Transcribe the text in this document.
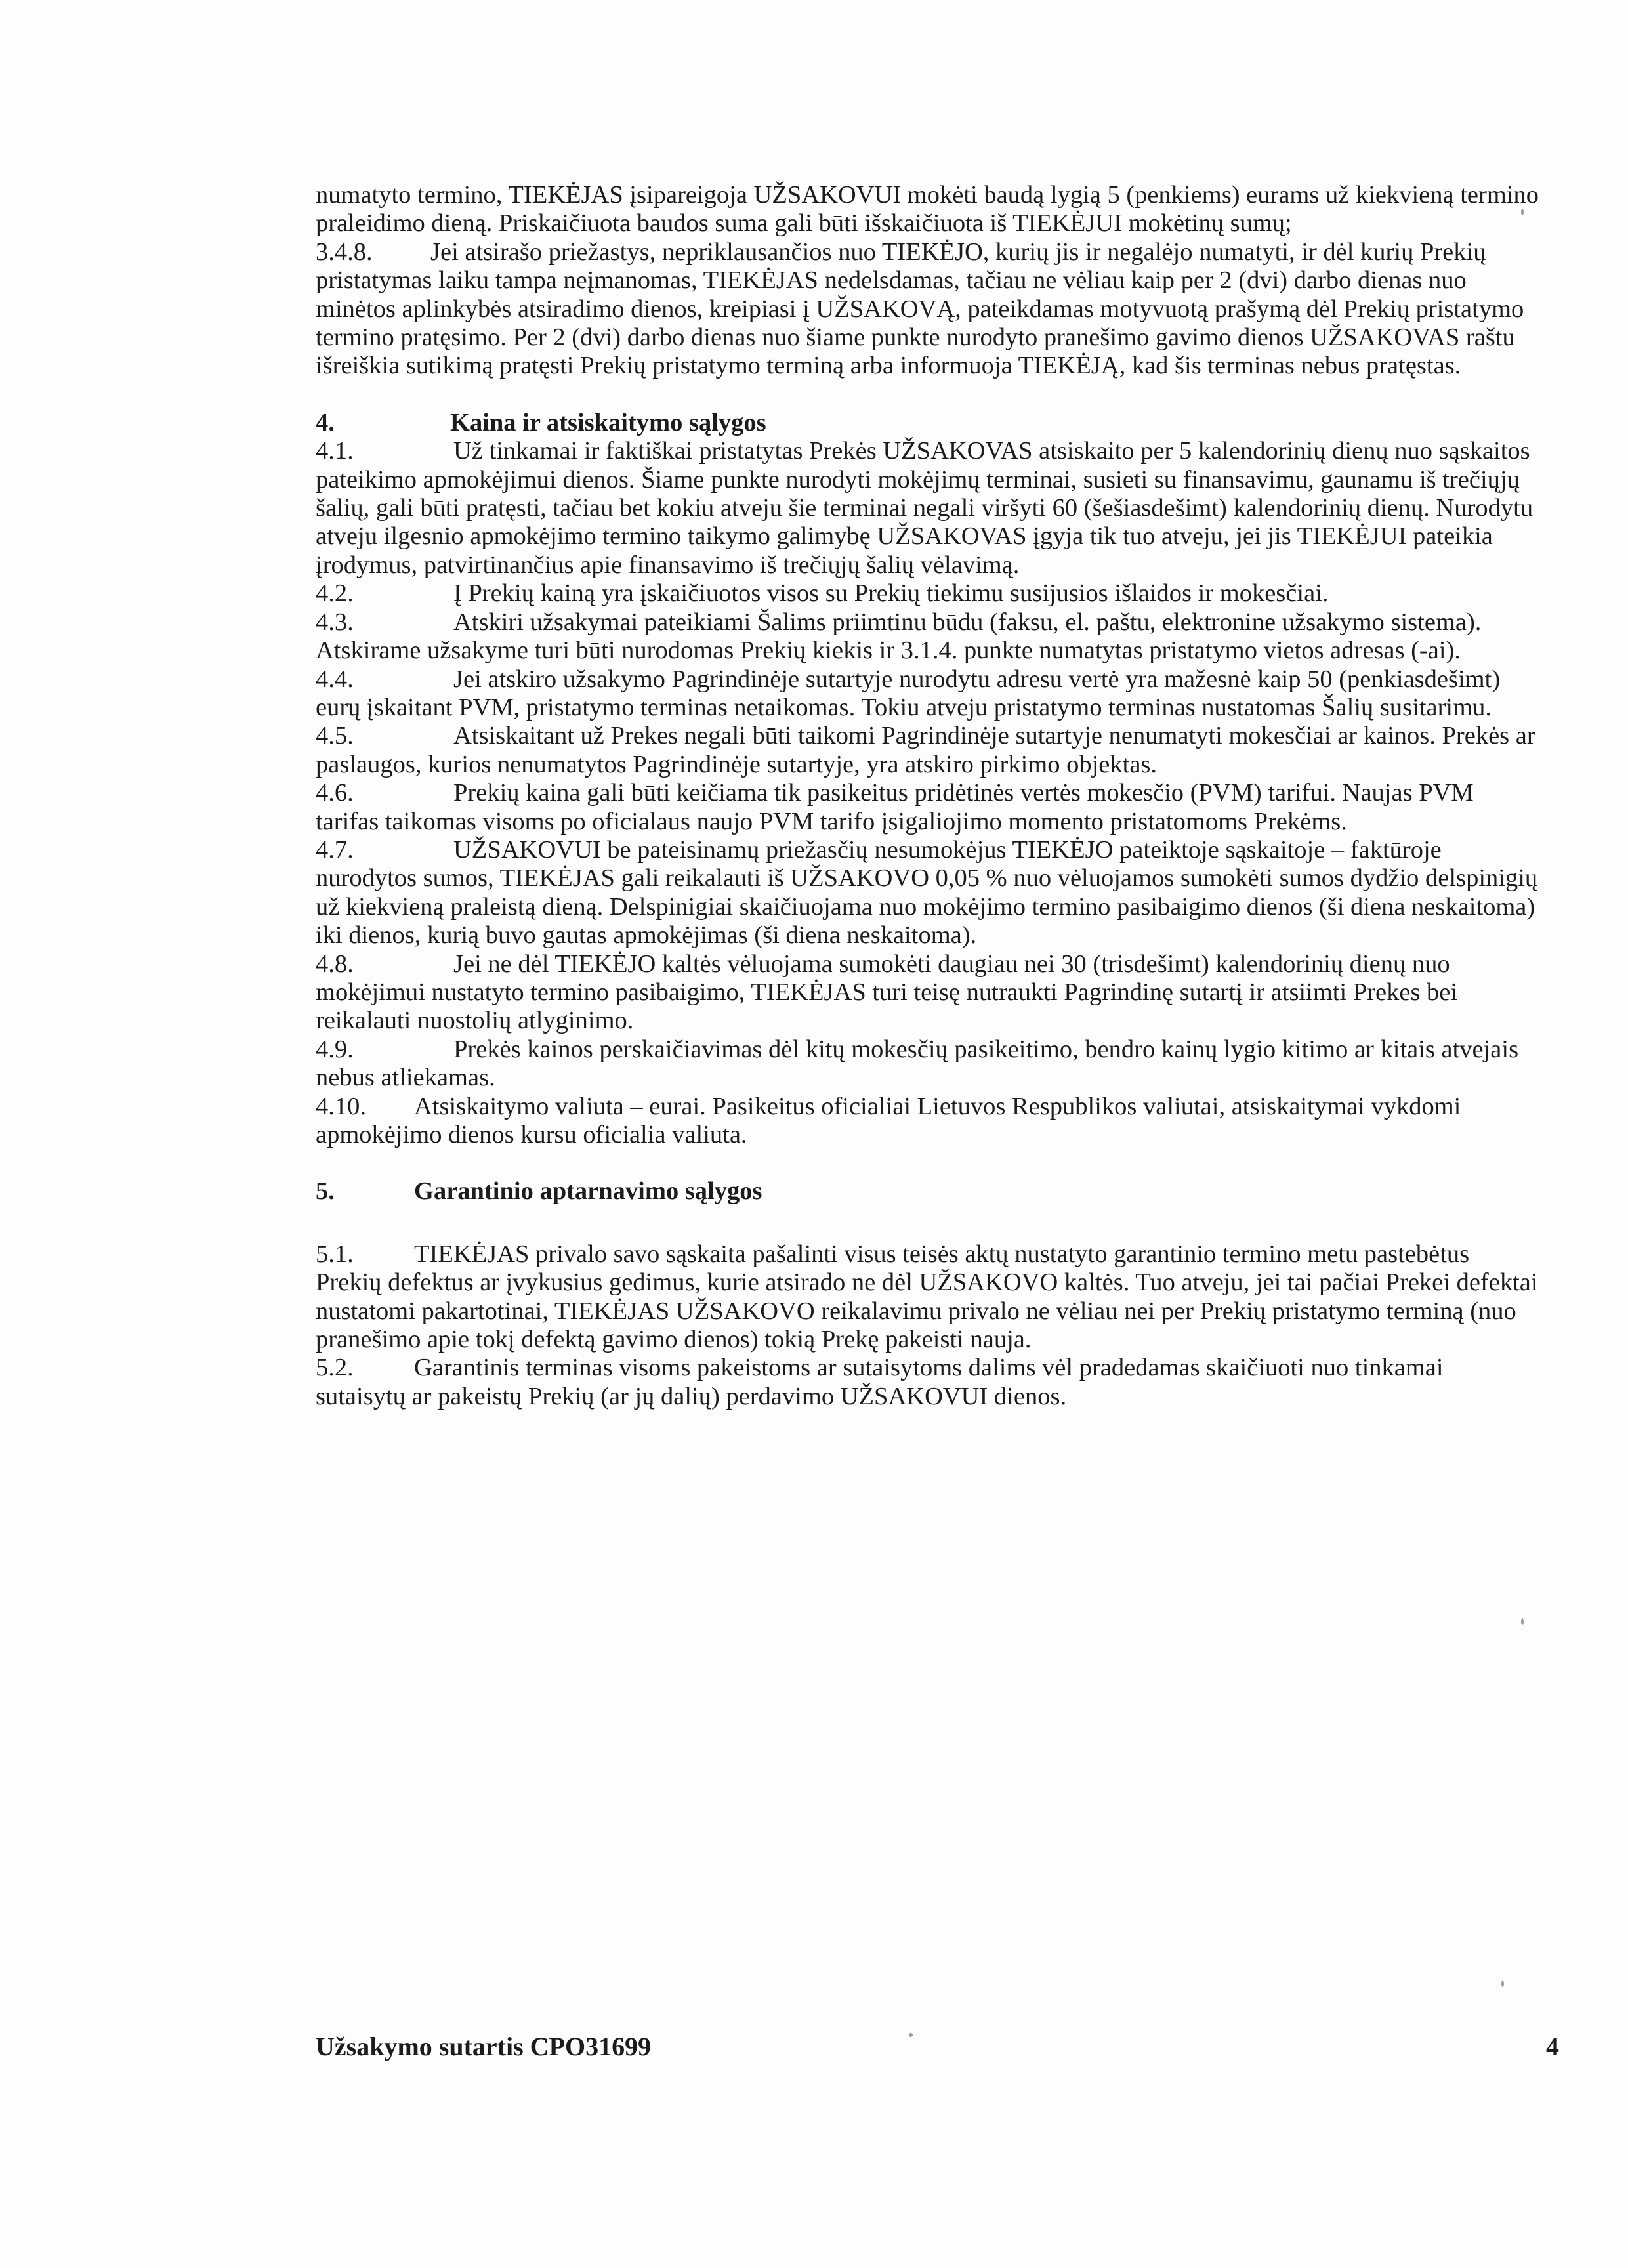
numatyto termino, TIEKĖJAS įsipareigoja UŽSAKOVUI mokėti baudą lygią 5 (penkiems) eurams už kiekvieną termino praleidimo dieną. Priskaičiuota baudos suma gali būti išskaičiuota iš TIEKĖJUI mokėtinų sumų;

3.4.8. Jei atsirašo priežastys, nepriklausančios nuo TIEKĖJO, kurių jis ir negalėjo numatyti, ir dėl kurių Prekių pristatymas laiku tampa neįmanomas, TIEKĖJAS nedelsdamas, tačiau ne vėliau kaip per 2 (dvi) darbo dienas nuo minėtos aplinkybės atsiradimo dienos, kreipiasi į UŽSAKOVĄ, pateikdamas motyvuotą prašymą dėl Prekių pristatymo termino pratęsimo. Per 2 (dvi) darbo dienas nuo šiame punkte nurodyto pranešimo gavimo dienos UŽSAKOVAS raštu išreiškia sutikimą pratęsti Prekių pristatymo terminą arba informuoja TIEKĖJĄ, kad šis terminas nebus pratęstas.

4.	Kaina ir atsiskaitymo sąlygos

4.1.	Už tinkamai ir faktiškai pristatytas Prekės UŽSAKOVAS atsiskaito per 5 kalendorinių dienų nuo sąskaitos pateikimo apmokėjimui dienos. Šiame punkte nurodyti mokėjimų terminai, susieti su finansavimu, gaunamu iš trečiųjų šalių, gali būti pratęsti, tačiau bet kokiu atveju šie terminai negali viršyti 60 (šešiasdešimt) kalendorinių dienų. Nurodytu atveju ilgesnio apmokėjimo termino taikymo galimybę UŽSAKOVAS įgyja tik tuo atveju, jei jis TIEKĖJUI pateikia įrodymus, patvirtinančius apie finansavimo iš trečiųjų šalių vėlavimą.

4.2.	Į Prekių kainą yra įskaičiuotos visos su Prekių tiekimu susijusios išlaidos ir mokesčiai.

4.3.	Atskiri užsakymai pateikiami Šalims priimtinu būdu (faksu, el. paštu, elektronine užsakymo sistema). Atskirame užsakyme turi būti nurodomas Prekių kiekis ir 3.1.4. punkte numatytas pristatymo vietos adresas (-ai).

4.4.	Jei atskiro užsakymo Pagrindinėje sutartyje nurodytu adresu vertė yra mažesnė kaip 50 (penkiasdešimt) eurų įskaitant PVM, pristatymo terminas netaikomas. Tokiu atveju pristatymo terminas nustatomas Šalių susitarimu.

4.5.	Atsiskaitant už Prekes negali būti taikomi Pagrindinėje sutartyje nenumatyti mokesčiai ar kainos. Prekės ar paslaugos, kurios nenumatytos Pagrindinėje sutartyje, yra atskiro pirkimo objektas.

4.6.	Prekių kaina gali būti keičiama tik pasikeitus pridėtinės vertės mokesčio (PVM) tarifui. Naujas PVM tarifas taikomas visoms po oficialaus naujo PVM tarifo įsigaliojimo momento pristatomoms Prekėms.

4.7.	UŽSAKOVUI be pateisinamų priežasčių nesumokėjus TIEKĖJO pateiktoje sąskaitoje – faktūroje nurodytos sumos, TIEKĖJAS gali reikalauti iš UŽSAKOVO 0,05 % nuo vėluojamos sumokėti sumos dydžio delspinigių už kiekvieną praleistą dieną. Delspinigiai skaičiuojama nuo mokėjimo termino pasibaigimo dienos (ši diena neskaitoma) iki dienos, kurią buvo gautas apmokėjimas (ši diena neskaitoma).

4.8.	Jei ne dėl TIEKĖJO kaltės vėluojama sumokėti daugiau nei 30 (trisdešimt) kalendorinių dienų nuo mokėjimui nustatyto termino pasibaigimo, TIEKĖJAS turi teisę nutraukti Pagrindinę sutartį ir atsiimti Prekes bei reikalauti nuostolių atlyginimo.

4.9.	Prekės kainos perskaičiavimas dėl kitų mokesčių pasikeitimo, bendro kainų lygio kitimo ar kitais atvejais nebus atliekamas.

4.10. Atsiskaitymo valiuta – eurai. Pasikeitus oficialiai Lietuvos Respublikos valiutai, atsiskaitymai vykdomi apmokėjimo dienos kursu oficialia valiuta.

5.	Garantinio aptarnavimo sąlygos

5.1. TIEKĖJAS privalo savo sąskaita pašalinti visus teisės aktų nustatyto garantinio termino metu pastebėtus Prekių defektus ar įvykusius gedimus, kurie atsirado ne dėl UŽSAKOVO kaltės. Tuo atveju, jei tai pačiai Prekei defektai nustatomi pakartotinai, TIEKĖJAS UŽSAKOVO reikalavimu privalo ne vėliau nei per Prekių pristatymo terminą (nuo pranešimo apie tokį defektą gavimo dienos) tokią Prekę pakeisti nauja.

5.2. Garantinis terminas visoms pakeistoms ar sutaisytoms dalims vėl pradedamas skaičiuoti nuo tinkamai sutaisytų ar pakeistų Prekių (ar jų dalių) perdavimo UŽSAKOVUI dienos.

Užsakymo sutartis CPO31699	4
